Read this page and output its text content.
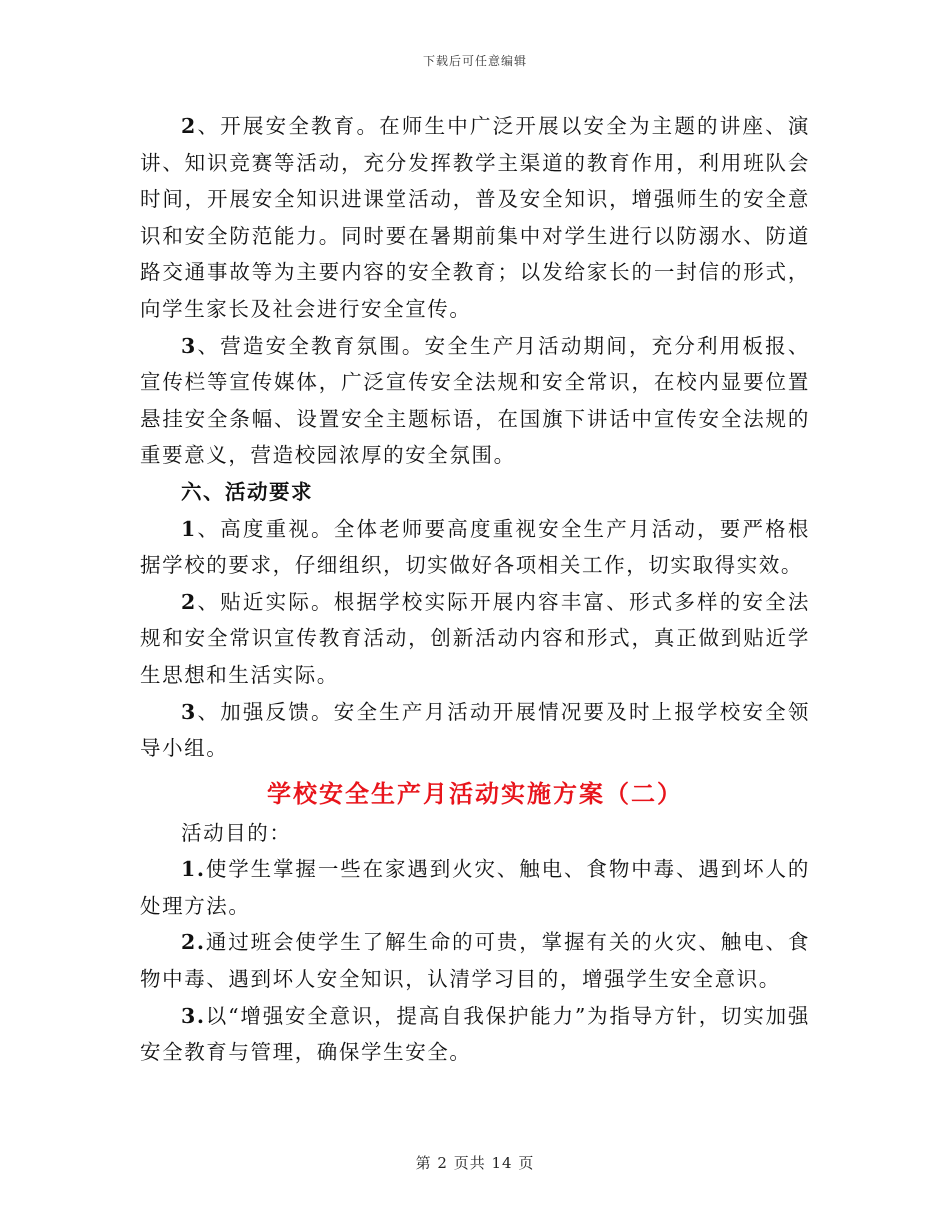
下载后可任意编辑

2、开展安全教育。在师生中广泛开展以安全为主题的讲座、演讲、知识竞赛等活动，充分发挥教学主渠道的教育作用，利用班队会时间，开展安全知识进课堂活动，普及安全知识，增强师生的安全意识和安全防范能力。同时要在暑期前集中对学生进行以防溺水、防道路交通事故等为主要内容的安全教育；以发给家长的一封信的形式，向学生家长及社会进行安全宣传。

3、营造安全教育氛围。安全生产月活动期间，充分利用板报、宣传栏等宣传媒体，广泛宣传安全法规和安全常识，在校内显要位置悬挂安全条幅、设置安全主题标语，在国旗下讲话中宣传安全法规的重要意义，营造校园浓厚的安全氛围。

六、活动要求

1、高度重视。全体老师要高度重视安全生产月活动，要严格根据学校的要求，仔细组织，切实做好各项相关工作，切实取得实效。

2、贴近实际。根据学校实际开展内容丰富、形式多样的安全法规和安全常识宣传教育活动，创新活动内容和形式，真正做到贴近学生思想和生活实际。

3、加强反馈。安全生产月活动开展情况要及时上报学校安全领导小组。

学校安全生产月活动实施方案（二）

活动目的：

1.使学生掌握一些在家遇到火灾、触电、食物中毒、遇到坏人的处理方法。

2.通过班会使学生了解生命的可贵，掌握有关的火灾、触电、食物中毒、遇到坏人安全知识，认清学习目的，增强学生安全意识。

3.以“增强安全意识，提高自我保护能力”为指导方针，切实加强安全教育与管理，确保学生安全。

第 2 页共 14 页
